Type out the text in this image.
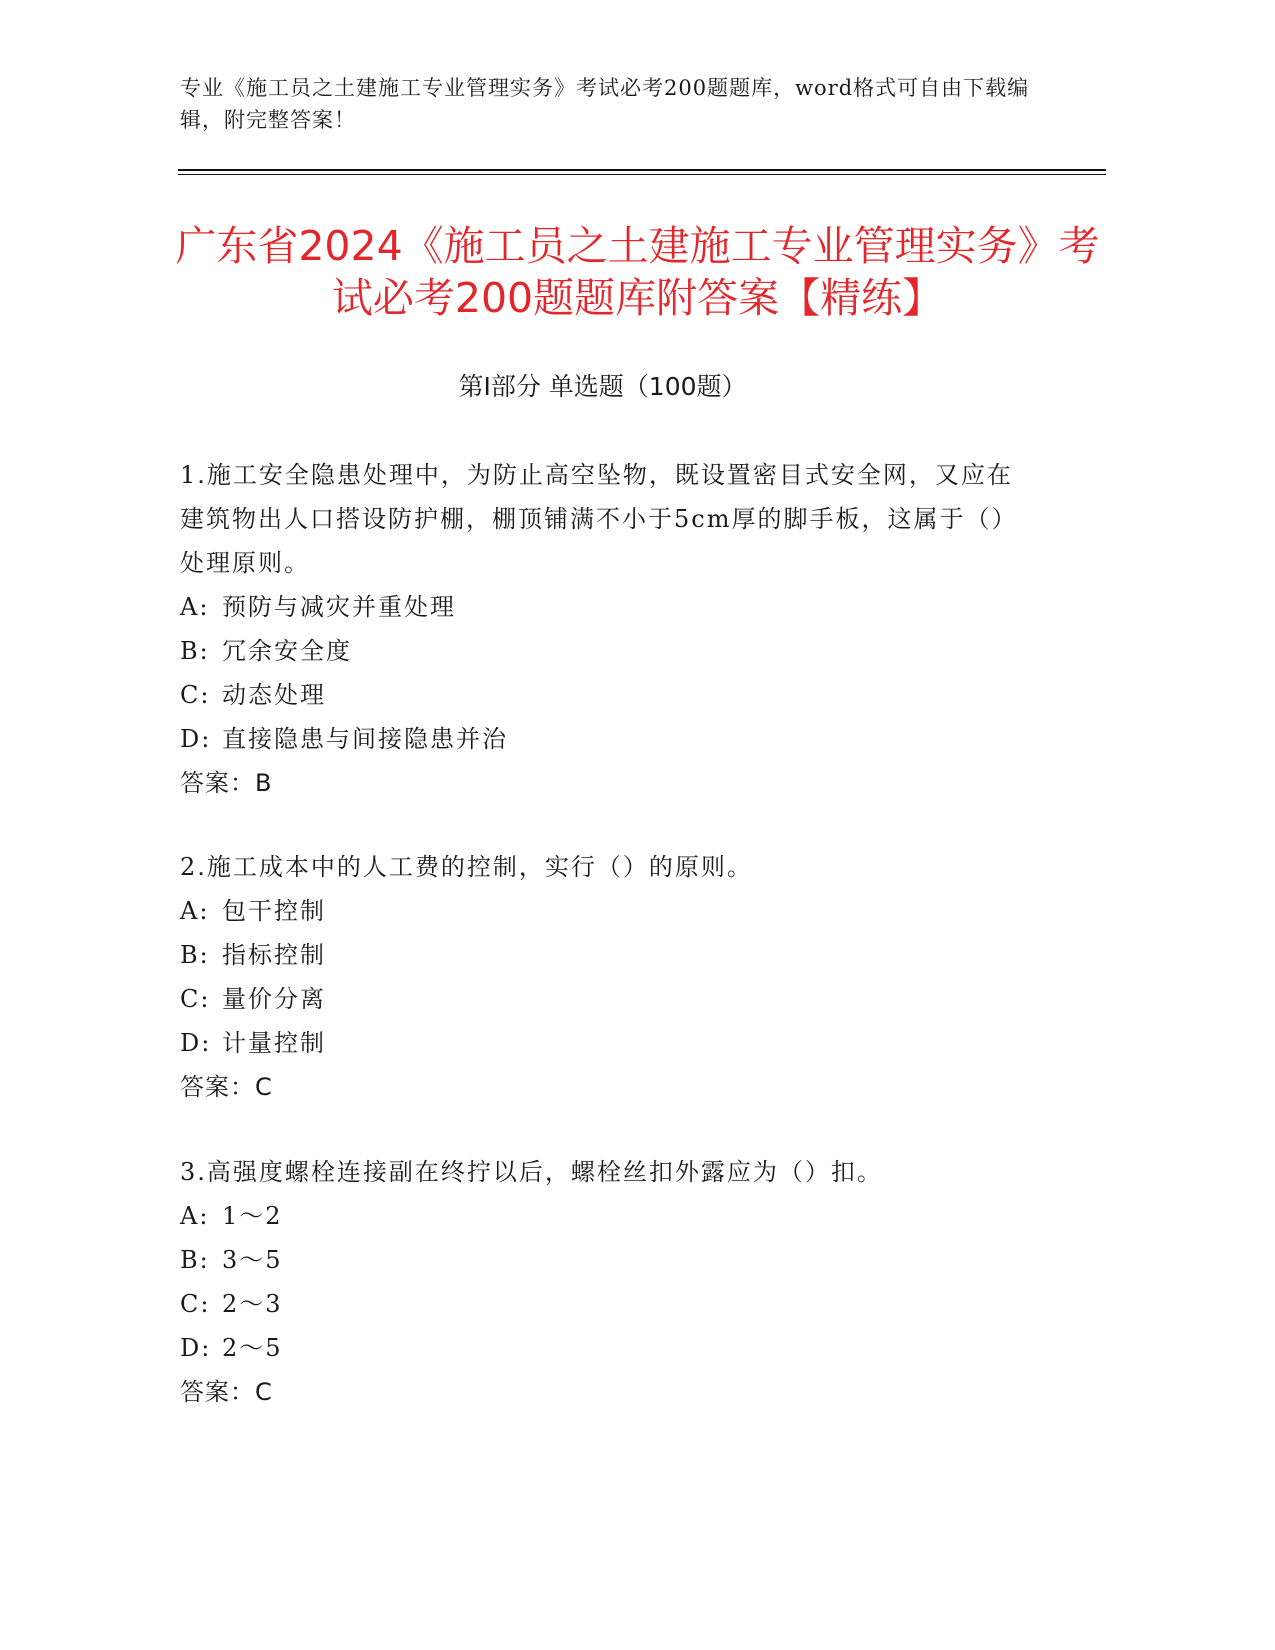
专业《施工员之土建施工专业管理实务》考试必考200题题库，word格式可自由下载编辑，附完整答案！
广东省2024《施工员之土建施工专业管理实务》考试必考200题题库附答案【精练】
第Ⅰ部分 单选题（100题）
1.施工安全隐患处理中，为防止高空坠物，既设置密目式安全网，又应在建筑物出人口搭设防护棚，棚顶铺满不小于5cm厚的脚手板，这属于（）处理原则。
A: 预防与减灾并重处理
B: 冗余安全度
C: 动态处理
D: 直接隐患与间接隐患并治
答案：B
2.施工成本中的人工费的控制，实行（）的原则。
A: 包干控制
B: 指标控制
C: 量价分离
D: 计量控制
答案：C
3.高强度螺栓连接副在终拧以后，螺栓丝扣外露应为（）扣。
A: 1～2
B: 3～5
C: 2～3
D: 2～5
答案：C
